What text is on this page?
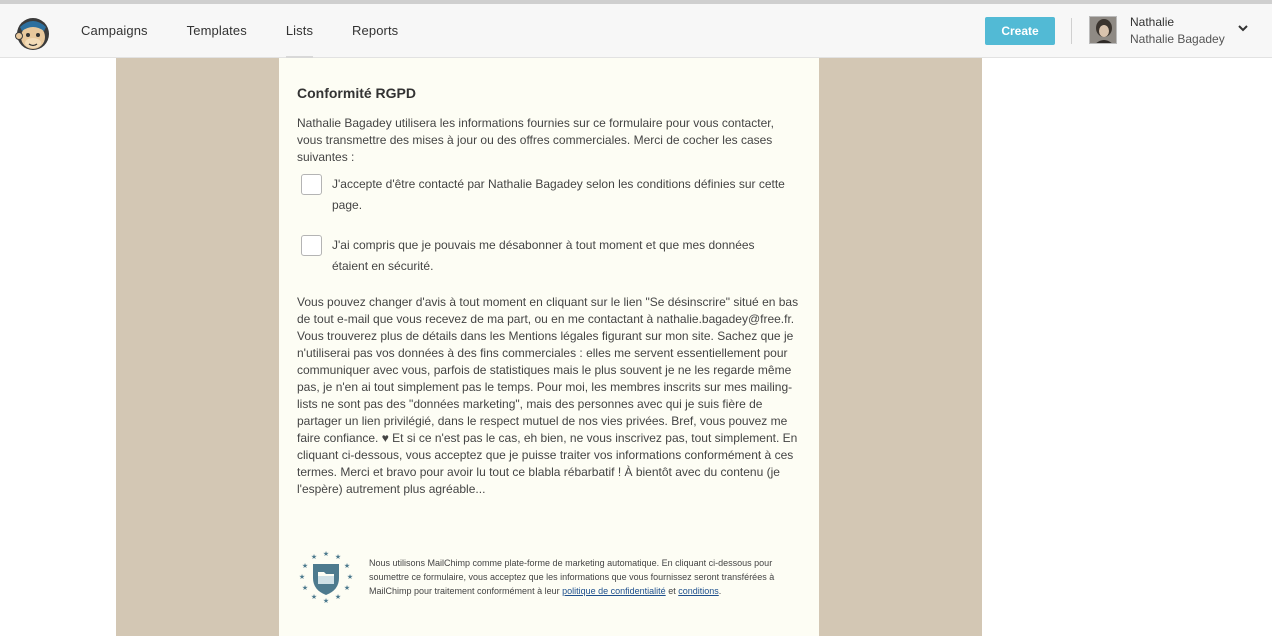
Campaigns	Templates	Lists	Reports	Create
Nathalie
Nathalie Bagadey
Conformité RGPD
Nathalie Bagadey utilisera les informations fournies sur ce formulaire pour vous contacter, vous transmettre des mises à jour ou des offres commerciales. Merci de cocher les cases suivantes :
J'accepte d'être contacté par Nathalie Bagadey selon les conditions définies sur cette page.
J'ai compris que je pouvais me désabonner à tout moment et que mes données étaient en sécurité.
Vous pouvez changer d'avis à tout moment en cliquant sur le lien "Se désinscrire" situé en bas de tout e-mail que vous recevez de ma part, ou en me contactant à nathalie.bagadey@free.fr. Vous trouverez plus de détails dans les Mentions légales figurant sur mon site. Sachez que je n'utiliserai pas vos données à des fins commerciales : elles me servent essentiellement pour communiquer avec vous, parfois de statistiques mais le plus souvent je ne les regarde même pas, je n'en ai tout simplement pas le temps. Pour moi, les membres inscrits sur mes mailing-lists ne sont pas des "données marketing", mais des personnes avec qui je suis fière de partager un lien privilégié, dans le respect mutuel de nos vies privées. Bref, vous pouvez me faire confiance. ♥ Et si ce n'est pas le cas, eh bien, ne vous inscrivez pas, tout simplement. En cliquant ci-dessous, vous acceptez que je puisse traiter vos informations conformément à ces termes. Merci et bravo pour avoir lu tout ce blabla rébarbatif ! À bientôt avec du contenu (je l'espère) autrement plus agréable...
★ ★
★
★
★
★
★
★
★
★
★
★
Nous utilisons MailChimp comme plate-forme de marketing automatique. En cliquant ci-dessous pour soumettre ce formulaire, vous acceptez que les informations que vous fournissez seront transférées à MailChimp pour traitement conformément à leur politique de confidentialité et conditions.
